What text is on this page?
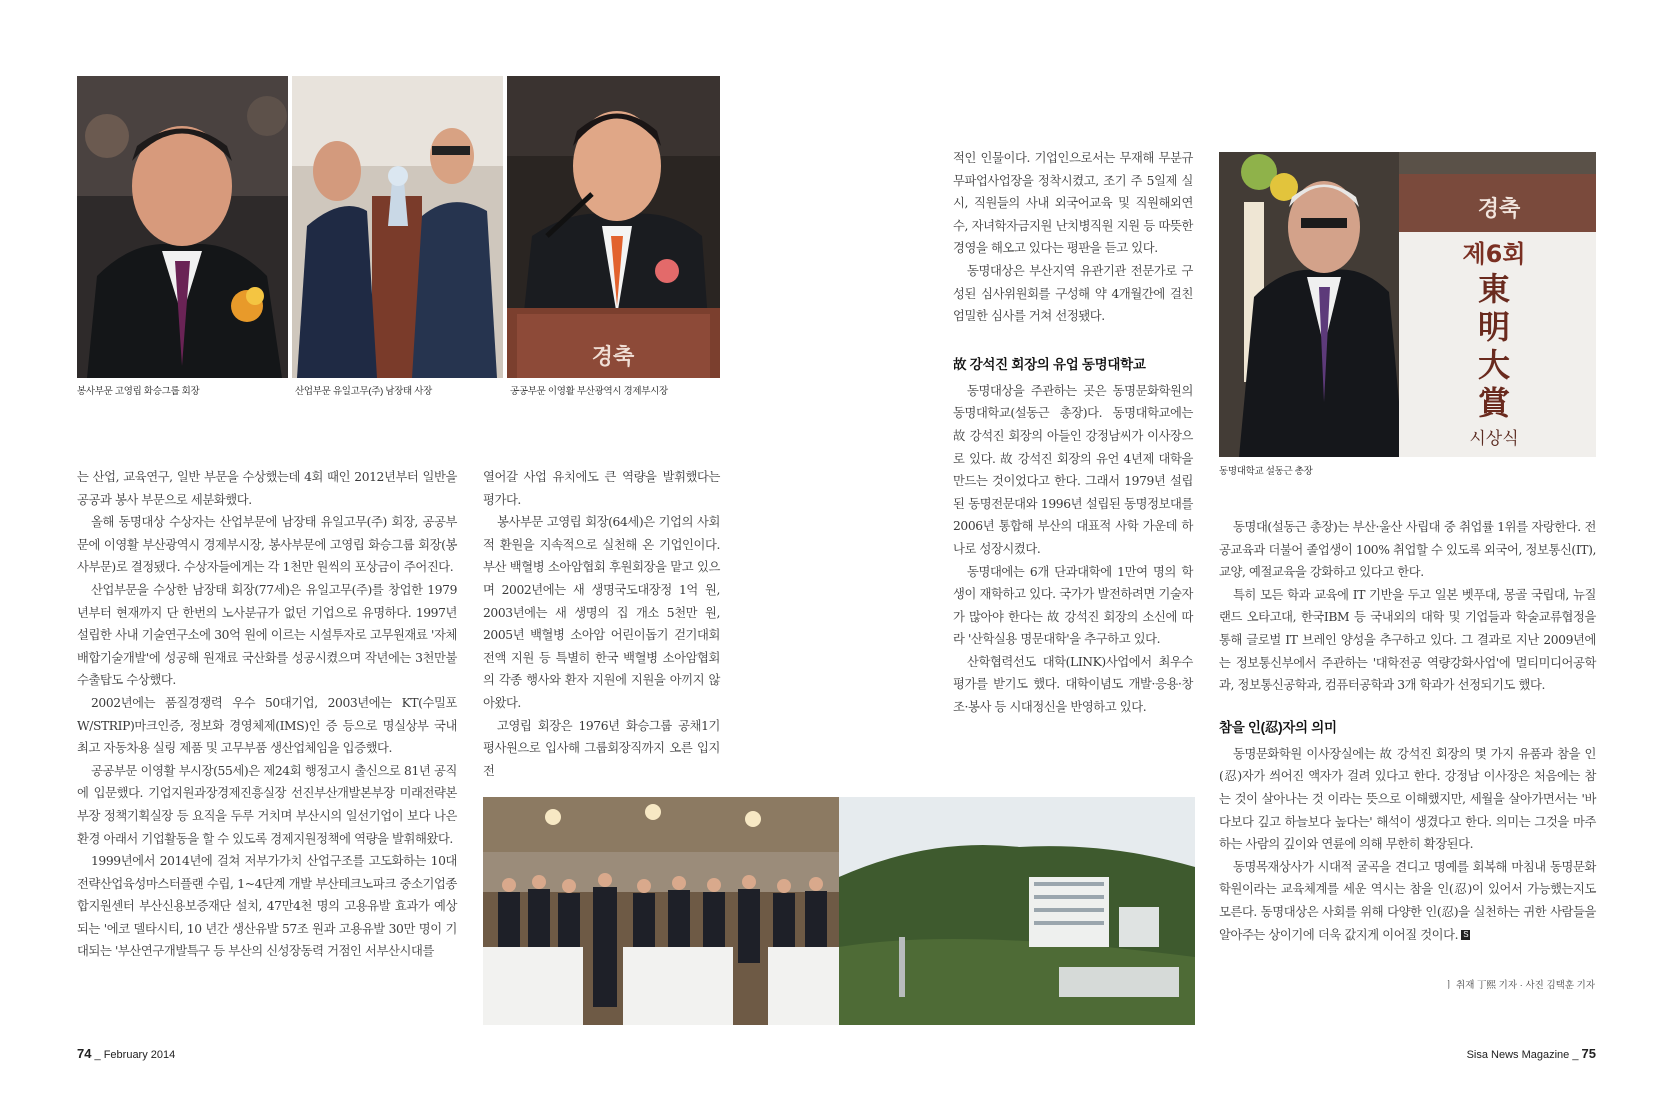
경축
봉사부문 고영립 화승그룹 회장	산업부문 유일고무(주) 남장태 사장	공공부문 이영활 부산광역시 경제부시장

는 산업, 교육연구, 일반 부문을 수상했는데 4회 때인 2012년부터 일반을 공공과 봉사 부문으로 세분화했다.

올해 동명대상 수상자는 산업부문에 남장태 유일고무(주) 회장, 공공부문에 이영활 부산광역시 경제부시장, 봉사부문에 고영립 화승그룹 회장(봉사부문)로 결정됐다. 수상자들에게는 각 1천만 원씩의 포상금이 주어진다.

산업부문을 수상한 남장태 회장(77세)은 유일고무(주)를 창업한 1979년부터 현재까지 단 한번의 노사분규가 없던 기업으로 유명하다. 1997년 설립한 사내 기술연구소에 30억 원에 이르는 시설투자로 고무원재료 '자체배합기술개발'에 성공해 원재료 국산화를 성공시켰으며 작년에는 3천만불 수출탑도 수상했다.

2002년에는 품질경쟁력 우수 50대기업, 2003년에는 KT(수밀포W/STRIP)마크인증, 정보화 경영체제(IMS)인 증 등으로 명실상부 국내 최고 자동차용 실링 제품 및 고무부품 생산업체임을 입증했다.

공공부문 이영활 부시장(55세)은 제24회 행정고시 출신으로 81년 공직에 입문했다. 기업지원과장경제진흥실장 선진부산개발본부장 미래전략본부장 정책기획실장 등 요직을 두루 거치며 부산시의 일선기업이 보다 나은 환경 아래서 기업활동을 할 수 있도록 경제지원정책에 역량을 발휘해왔다.

1999년에서 2014년에 걸쳐 저부가가치 산업구조를 고도화하는 10대 전략산업육성마스터플랜 수립, 1~4단계 개발 부산테크노파크 중소기업종합지원센터 부산신용보증재단 설치, 47만4천 명의 고용유발 효과가 예상되는 '에코 델타시티, 10 년간 생산유발 57조 원과 고용유발 30만 명이 기대되는 '부산연구개발특구 등 부산의 신성장동력 거점인 서부산시대를

열어갈 사업 유치에도 큰 역량을 발휘했다는 평가다.

봉사부문 고영립 회장(64세)은 기업의 사회적 환원을 지속적으로 실천해 온 기업인이다. 부산 백혈병 소아암협회 후원회장을 맡고 있으며 2002년에는 새 생명국도대장정 1억 원, 2003년에는 새 생명의 집 개소 5천만 원, 2005년 백혈병 소아암 어린이돕기 걷기대회 전액 지원 등 특별히 한국 백혈병 소아암협회의 각종 행사와 환자 지원에 지원을 아끼지 않아왔다.

고영립 회장은 1976년 화승그룹 공채1기 평사원으로 입사해 그룹회장직까지 오른 입지전

적인 인물이다. 기업인으로서는 무재해 무분규무파업사업장을 정착시켰고, 조기 주 5일제 실시, 직원들의 사내 외국어교육 및 직원해외연수, 자녀학자금지원 난치병직원 지원 등 따뜻한 경영을 해오고 있다는 평판을 듣고 있다.

동명대상은 부산지역 유관기관 전문가로 구성된 심사위원회를 구성해 약 4개월간에 걸친 엄밀한 심사를 거쳐 선정됐다.

故 강석진 회장의 유업 동명대학교

동명대상을 주관하는 곳은 동명문화학원의 동명대학교(설동근 총장)다. 동명대학교에는 故 강석진 회장의 아들인 강정남씨가 이사장으로 있다. 故 강석진 회장의 유언 4년제 대학을 만드는 것이었다고 한다. 그래서 1979년 설립된 동명전문대와 1996년 설립된 동명정보대를 2006년 통합해 부산의 대표적 사학 가운데 하나로 성장시켰다.

동명대에는 6개 단과대학에 1만여 명의 학생이 재학하고 있다. 국가가 발전하려면 기술자가 많아야 한다는 故 강석진 회장의 소신에 따라 '산학실용 명문대학'을 추구하고 있다.

산학협력선도 대학(LINK)사업에서 최우수 평가를 받기도 했다. 대학이념도 개발·응용·창조·봉사 등 시대정신을 반영하고 있다.

경축
제6회
東
明
大
賞
시상식
동명대학교 설동근 총장

동명대(설동근 총장)는 부산·울산 사립대 중 취업률 1위를 자랑한다. 전공교육과 더불어 졸업생이 100% 취업할 수 있도록 외국어, 정보통신(IT), 교양, 예절교육을 강화하고 있다고 한다.

특히 모든 학과 교육에 IT 기반을 두고 일본 벳푸대, 몽골 국립대, 뉴질랜드 오타고대, 한국IBM 등 국내외의 대학 및 기업들과 학술교류협정을 통해 글로벌 IT 브레인 양성을 추구하고 있다. 그 결과로 지난 2009년에는 정보통신부에서 주관하는 '대학전공 역량강화사업'에 멀티미디어공학과, 정보통신공학과, 컴퓨터공학과 3개 학과가 선정되기도 했다.

참을 인(忍)자의 의미

동명문화학원 이사장실에는 故 강석진 회장의 몇 가지 유품과 참을 인(忍)자가 씌어진 액자가 걸려 있다고 한다. 강정남 이사장은 처음에는 참는 것이 살아나는 것 이라는 뜻으로 이해했지만, 세월을 살아가면서는 '바다보다 깊고 하늘보다 높다는' 해석이 생겼다고 한다. 의미는 그것을 마주하는 사람의 깊이와 연륜에 의해 무한히 확장된다.

동명목재상사가 시대적 굴곡을 견디고 명예를 회복해 마침내 동명문화학원이라는 교육체계를 세운 역시는 참을 인(忍)이 있어서 가능했는지도 모른다. 동명대상은 사회를 위해 다양한 인(忍)을 실천하는 귀한 사람들을 알아주는 상이기에 더욱 값지게 이어질 것이다. S

ㅣ 취재 丁熙 기자 · 사진 김택훈 기자
74 _ February 2014	Sisa News Magazine _ 75
